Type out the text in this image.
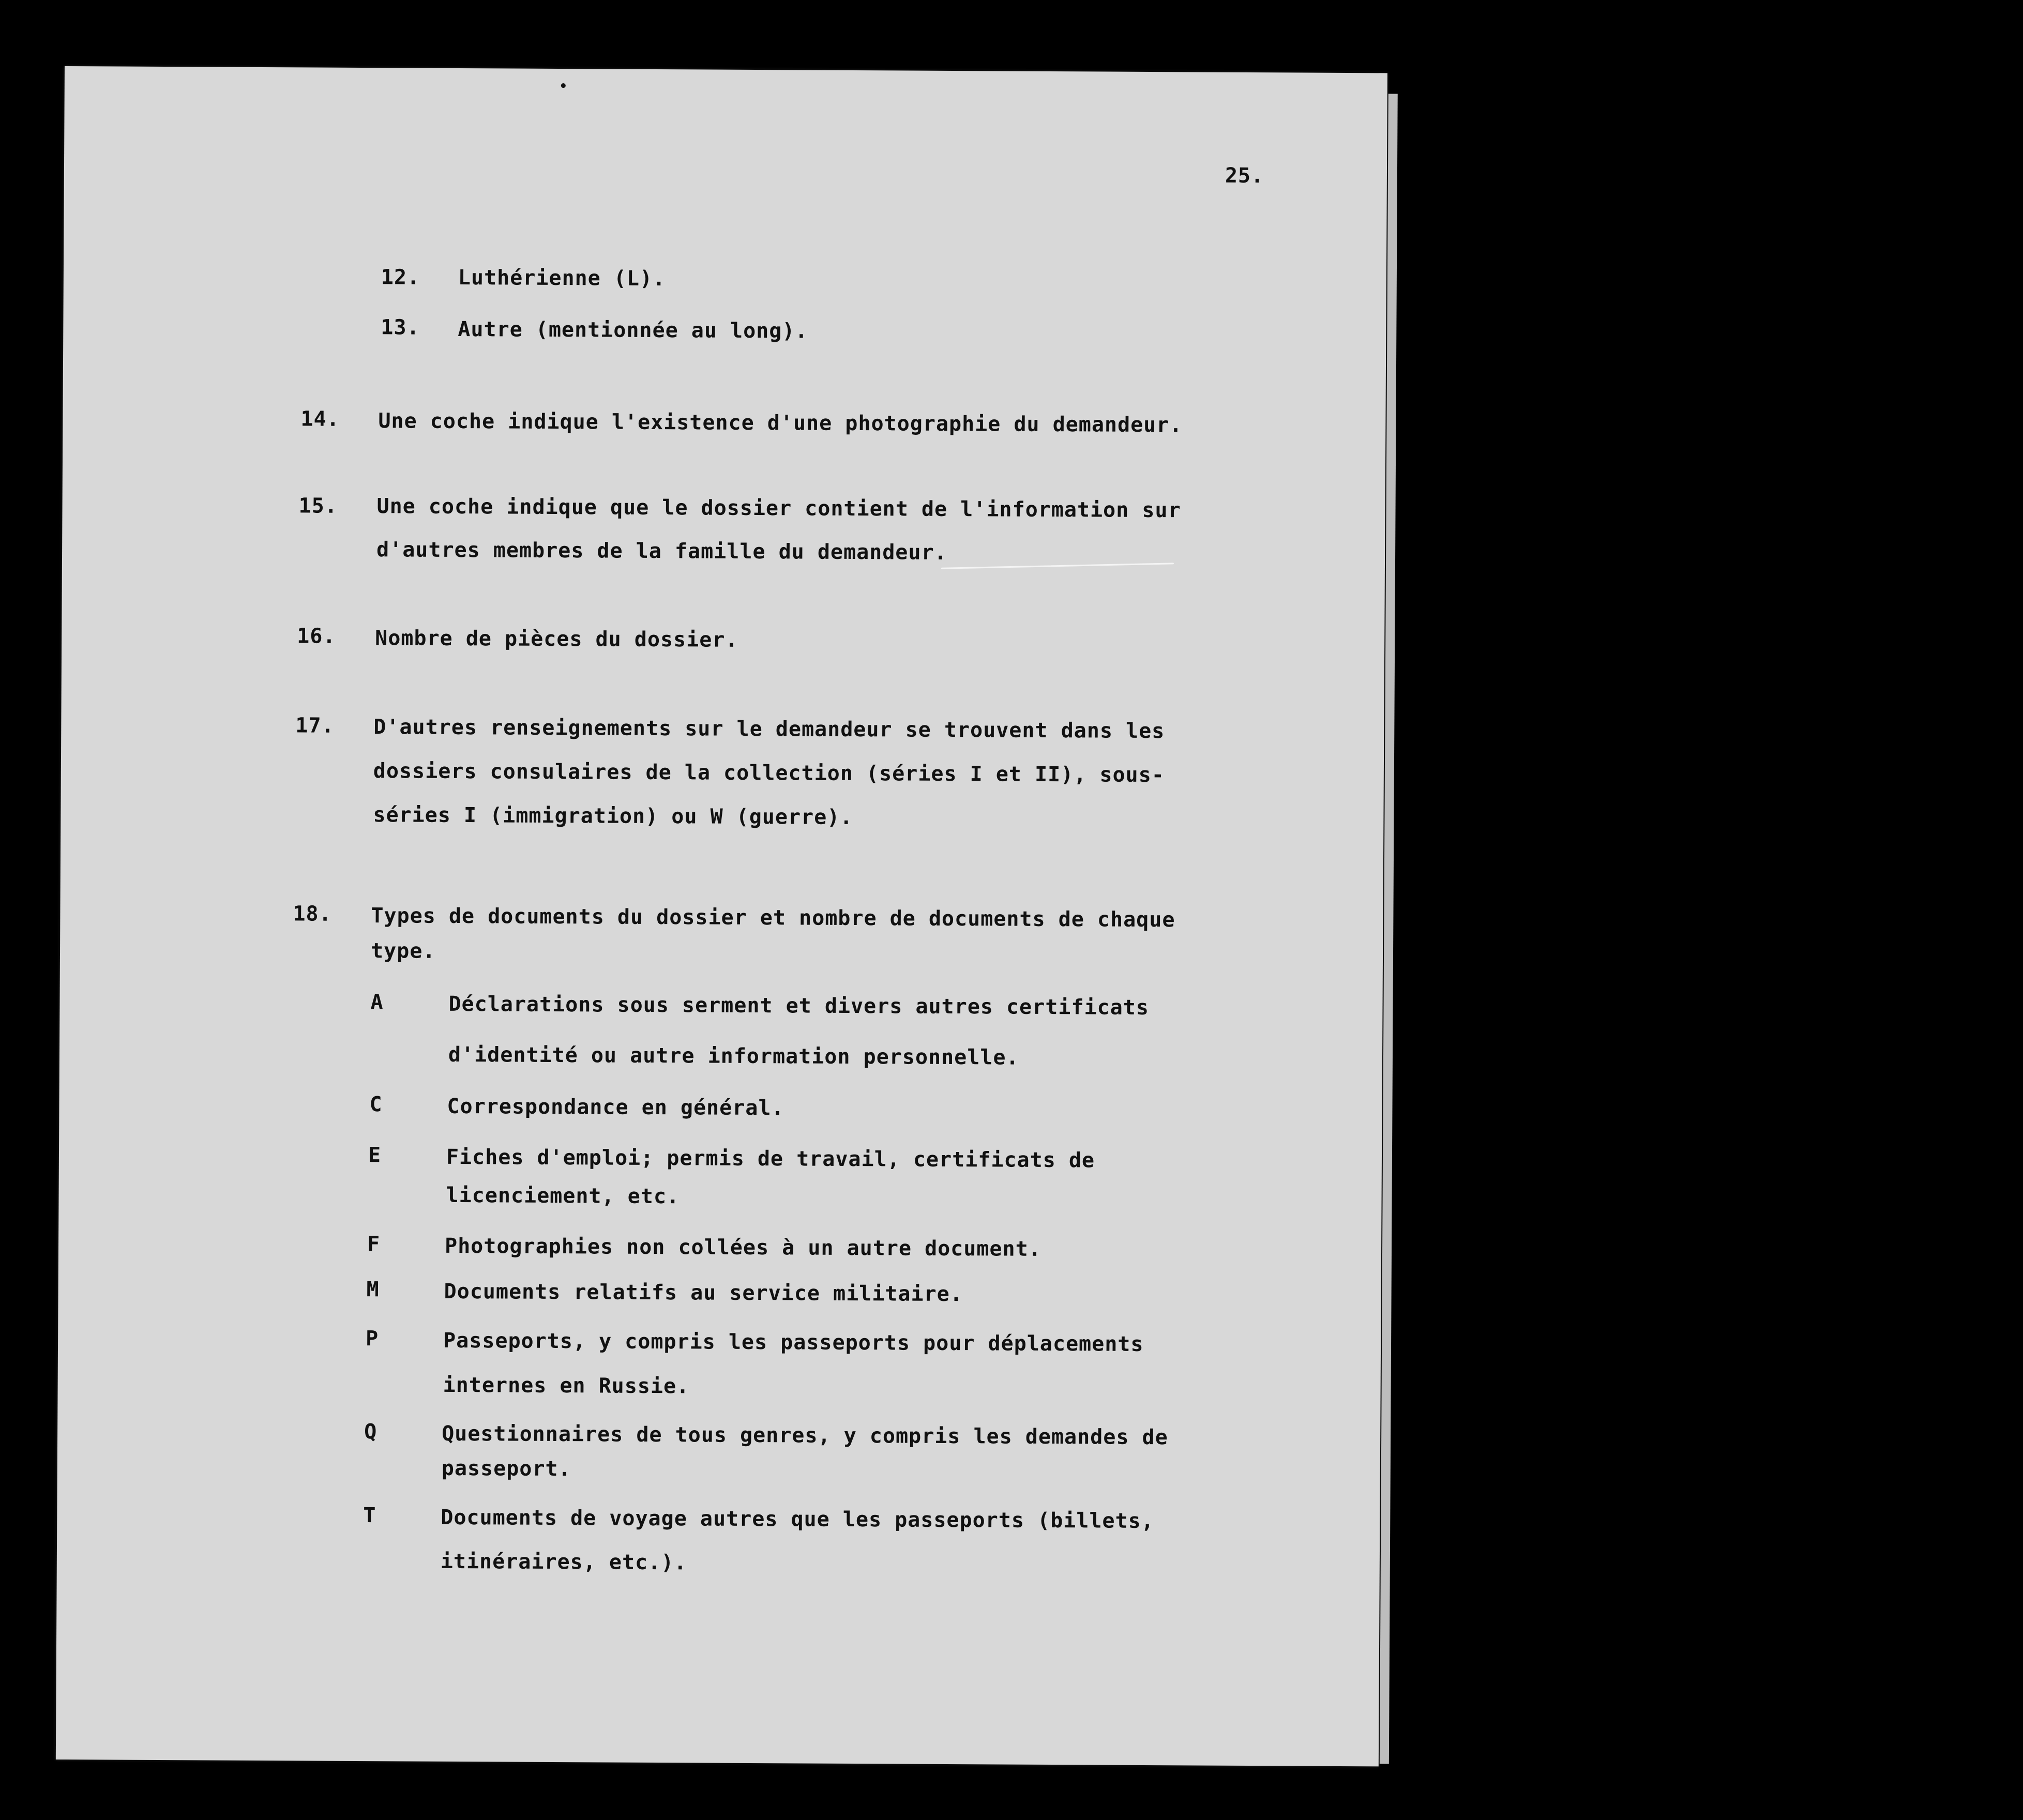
25.
12. Luthérienne (L).
13. Autre (mentionnée au long).
14. Une coche indique l'existence d'une photographie du demandeur.
15. Une coche indique que le dossier contient de l'information sur
d'autres membres de la famille du demandeur.
16. Nombre de pièces du dossier.
17. D'autres renseignements sur le demandeur se trouvent dans les
dossiers consulaires de la collection (séries I et II), sous-
séries I (immigration) ou W (guerre).
18. Types de documents du dossier et nombre de documents de chaque
type.
A	Déclarations sous serment et divers autres certificats
d'identité ou autre information personnelle.
C	Correspondance en général.
E	Fiches d'emploi; permis de travail, certificats de
licenciement, etc.
F	Photographies non collées à un autre document.
M	Documents relatifs au service militaire.
P	Passeports, y compris les passeports pour déplacements
internes en Russie.
Q	Questionnaires de tous genres, y compris les demandes de
passeport.
T	Documents de voyage autres que les passeports (billets,
itinéraires, etc.).
